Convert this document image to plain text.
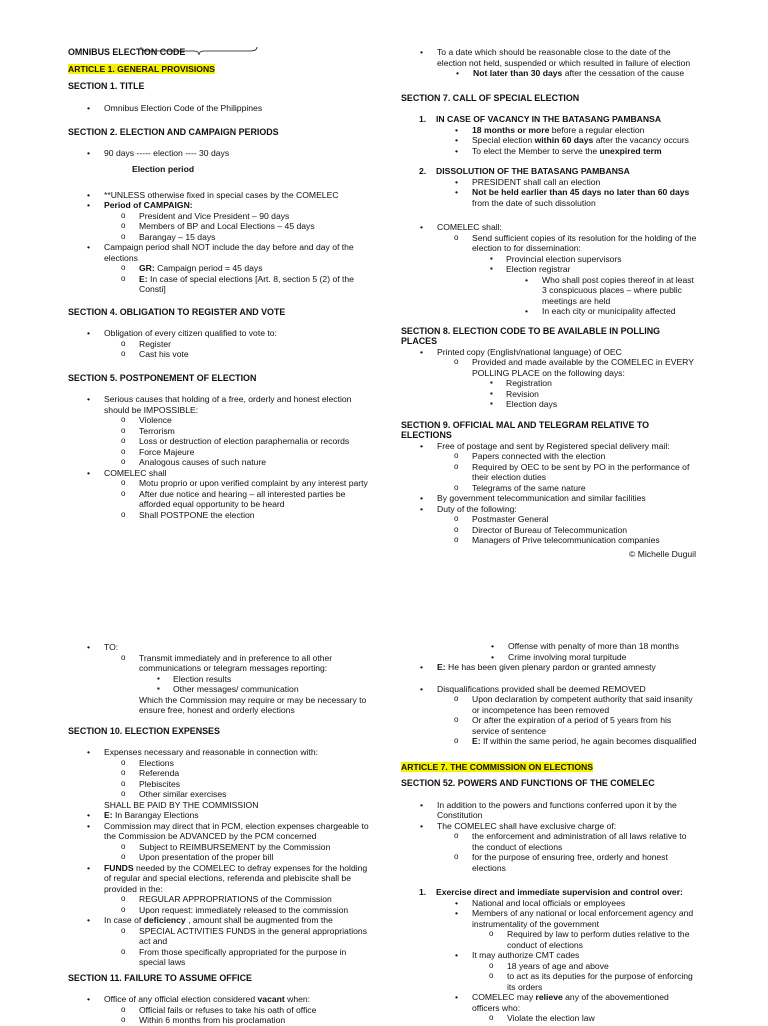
OMNIBUS ELECTION CODE

ARTICLE 1. GENERAL PROVISIONS

SECTION 1. TITLE

• Omnibus Election Code of the Philippines

SECTION 2. ELECTION AND CAMPAIGN PERIODS

• 90 days ----- election ---- 30 days

Election period

• **UNLESS otherwise fixed in special cases by the COMELEC
• Period of CAMPAIGN:
o President and Vice President – 90 days
o Members of BP and Local Elections – 45 days
o Barangay – 15 days
• Campaign period shall NOT include the day before and day of the elections
o GR: Campaign period = 45 days
o E: In case of special elections [Art. 8, section 5 (2) of the Consti]

SECTION 4. OBLIGATION TO REGISTER AND VOTE

• Obligation of every citizen qualified to vote to:
o Register
o Cast his vote

SECTION 5. POSTPONEMENT OF ELECTION

• Serious causes that holding of a free, orderly and honest election should be IMPOSSIBLE:
o Violence
o Terrorism
o Loss or destruction of election paraphernalia or records
o Force Majeure
o Analogous causes of such nature
• COMELEC shall
o Motu proprio or upon verified complaint by any interest party
o After due notice and hearing – all interested parties be afforded equal opportunity to be heard
o Shall POSTPONE the election
• To a date which should be reasonable close to the date of the election not held, suspended or which resulted in failure of election
• Not later than 30 days after the cessation of the cause

SECTION 7. CALL OF SPECIAL ELECTION

1. IN CASE OF VACANCY IN THE BATASANG PAMBANSA
• 18 months or more before a regular election
• Special election within 60 days after the vacancy occurs
• To elect the Member to serve the unexpired term
2. DISSOLUTION OF THE BATASANG PAMBANSA
• PRESIDENT shall call an election
• Not be held earlier than 45 days no later than 60 days from the date of such dissolution
• COMELEC shall:
o Send sufficient copies of its resolution for the holding of the election to for dissemination:
▪ Provincial election supervisors
▪ Election registrar
• Who shall post copies thereof in at least 3 conspicuous places – where public meetings are held
• In each city or municipality affected

SECTION 8. ELECTION CODE TO BE AVAILABLE IN POLLING PLACES

• Printed copy (English/national language) of OEC
o Provided and made available by the COMELEC in EVERY POLLING PLACE on the following days:
▪ Registration
▪ Revision
▪ Election days

SECTION 9. OFFICIAL MAL AND TELEGRAM RELATIVE TO ELECTIONS

• Free of postage and sent by Registered special delivery mail:
o Papers connected with the election
o Required by OEC to be sent by PO in the performance of their election duties
o Telegrams of the same nature
• By government telecommunication and similar facilities
• Duty of the following:
o Postmaster General
o Director of Bureau of Telecommunication
o Managers of Prive telecommunication companies
© Michelle Duguil
• TO:
o Transmit immediately and in preference to all other communications or telegram messages reporting:
▪ Election results
▪ Other messages/ communication

Which the Commission may require or may be necessary to ensure free, honest and orderly elections

SECTION 10. ELECTION EXPENSES

• Expenses necessary and reasonable in connection with:
o Elections
o Referenda
o Plebiscites
o Other similar exercises

SHALL BE PAID BY THE COMMISSION

• E: In Barangay Elections
• Commission may direct that in PCM, election expenses chargeable to the Commission be ADVANCED by the PCM concerned
o Subject to REIMBURSEMENT by the Commission
o Upon presentation of the proper bill
• FUNDS needed by the COMELEC to defray expenses for the holding of regular and special elections, referenda and plebiscite shall be provided in the:
o REGULAR APPROPRIATIONS of the Commission
o Upon request: immediately released to the commission
• In case of deficiency , amount shall be augmented from the
o SPECIAL ACTIVITIES FUNDS in the general appropriations act and
o From those specifically appropriated for the purpose in special laws

SECTION 11. FAILURE TO ASSUME OFFICE

• Office of any official election considered vacant when:
o Official fails or refuses to take his oath of office
o Within 6 months from his proclamation
• Offense with penalty of more than 18 months
• Crime involving moral turpitude
• E: He has been given plenary pardon or granted amnesty
• Disqualifications provided shall be deemed REMOVED
o Upon declaration by competent authority that said insanity or incompetence has been removed
o Or after the expiration of a period of 5 years from his service of sentence
o E: If within the same period, he again becomes disqualified

ARTICLE 7. THE COMMISSION ON ELECTIONS

SECTION 52. POWERS AND FUNCTIONS OF THE COMELEC

• In addition to the powers and functions conferred upon it by the Constitution
• The COMELEC shall have exclusive charge of:
o the enforcement and administration of all laws relative to the conduct of elections
o for the purpose of ensuring free, orderly and honest elections
1. Exercise direct and immediate supervision and control over:
• National and local officials or employees
• Members of any national or local enforcement agency and instrumentality of the government
o Required by law to perform duties relative to the conduct of elections
• It may authorize CMT cades
o 18 years of age and above
o to act as its deputies for the purpose of enforcing its orders
• COMELEC may relieve any of the abovementioned officers who:
o Violate the election law
